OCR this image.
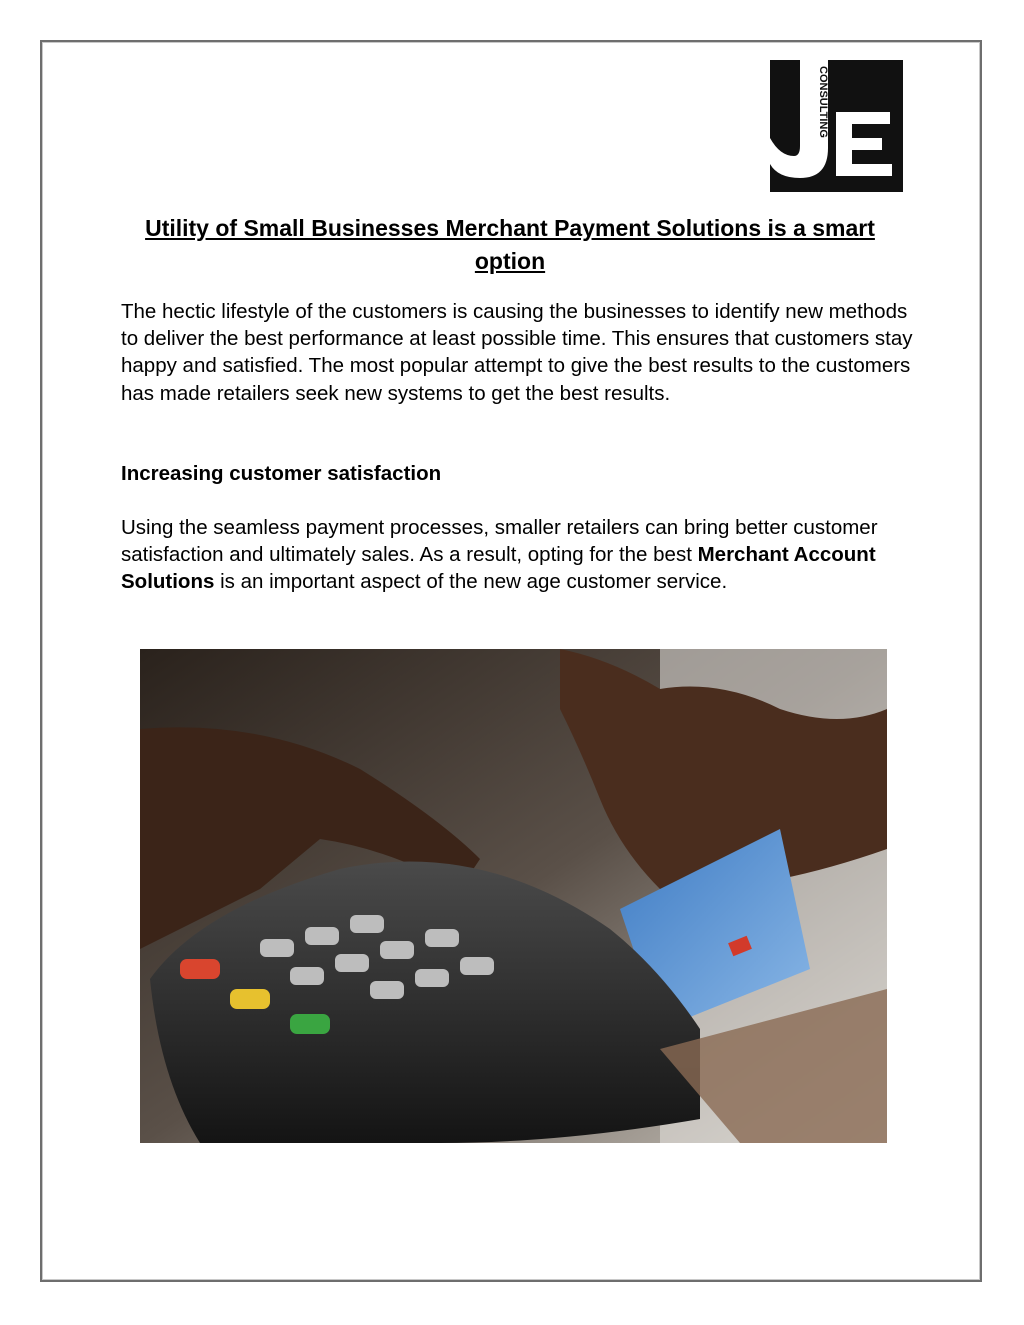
CONSULTING
Utility of Small Businesses Merchant Payment Solutions is a smart option

The hectic lifestyle of the customers is causing the businesses to identify new methods to deliver the best performance at least possible time. This ensures that customers stay happy and satisfied. The most popular attempt to give the best results to the customers has made retailers seek new systems to get the best results.

Increasing customer satisfaction

Using the seamless payment processes, smaller retailers can bring better customer satisfaction and ultimately sales. As a result, opting for the best Merchant Account Solutions is an important aspect of the new age customer service.
